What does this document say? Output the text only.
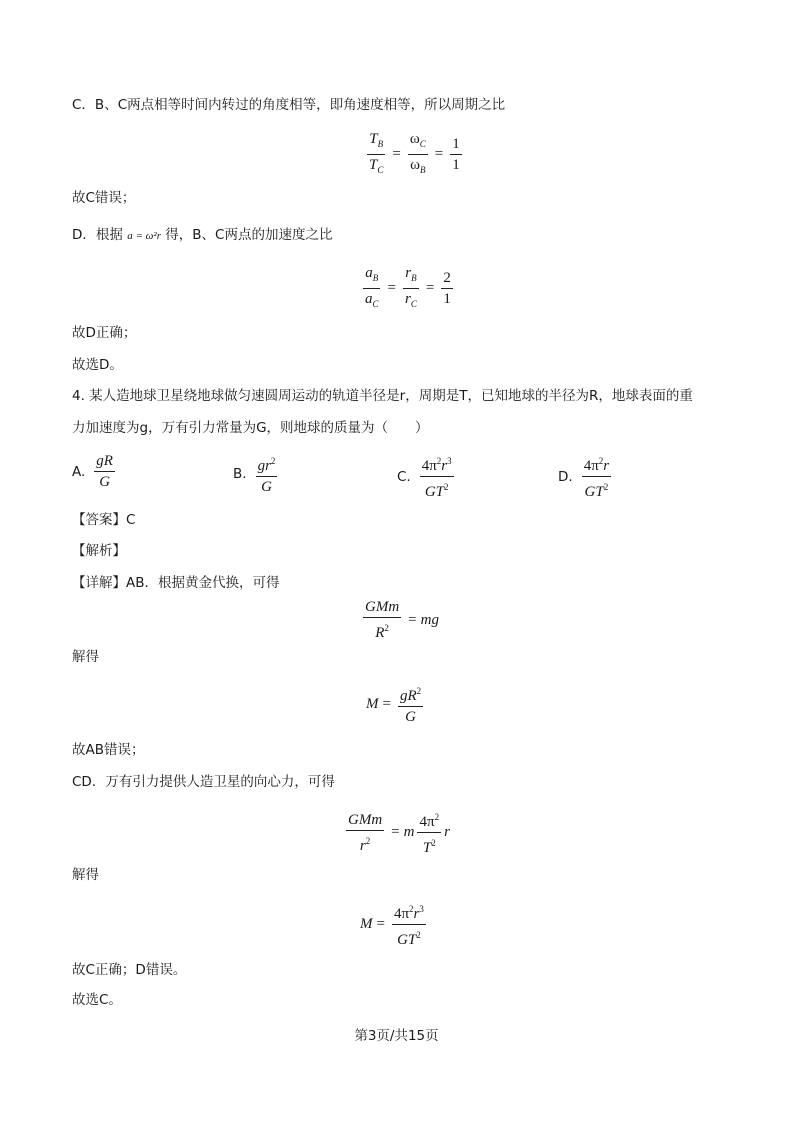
C．B、C两点相等时间内转过的角度相等，即角速度相等，所以周期之比
$\frac{T_B}{T_C} = \frac{\omega_C}{\omega_B} = \frac{1}{1}$
故C错误；
D．根据 a = ω²r 得，B、C两点的加速度之比
$\frac{a_B}{a_C} = \frac{r_B}{r_C} = \frac{2}{1}$
故D正确；
故选D。
4. 某人造地球卫星绕地球做匀速圆周运动的轨道半径是r，周期是T，已知地球的半径为R，地球表面的重
力加速度为g，万有引力常量为G，则地球的质量为（　　）
A. $\frac{gR}{G}$	B. $\frac{gr^2}{G}$	C. $\frac{4\pi^2r^3}{GT^2}$	D. $\frac{4\pi^2r}{GT^2}$
【答案】C
【解析】
【详解】AB．根据黄金代换，可得
$\frac{\text{GMm}}{R^2}$ = mg
解得
$M = \frac{gR^2}{G}$
故AB错误；
CD．万有引力提供人造卫星的向心力，可得
$\frac{\text{GMm}}{r^2} = m \frac{4\pi^2}{T^2}$ r
解得
$M = \frac{4\pi^2r^3}{GT^2}$
故C正确；D错误。
故选C。
第3页/共15页
